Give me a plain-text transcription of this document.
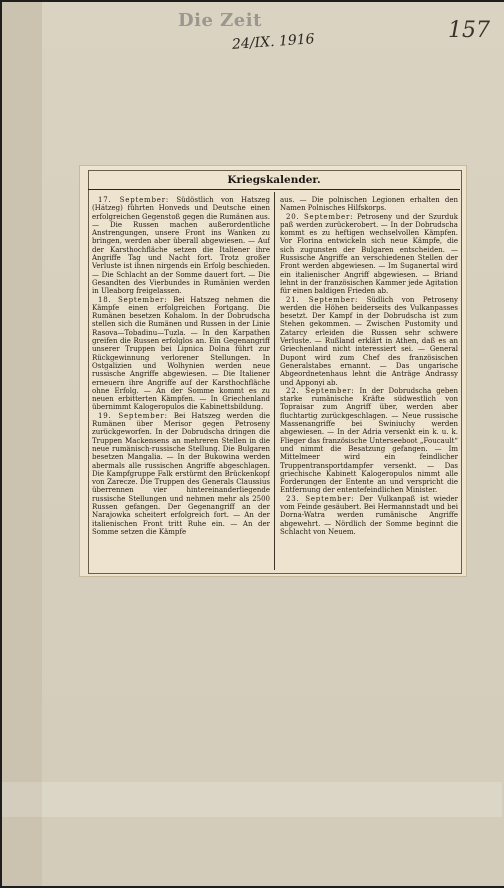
Die Zeit
24/IX. 1916	157
Kriegskalender.

17. September: Südöstlich von Hatszeg (Hátzeg) führten Honveds und Deutsche einen erfolgreichen Gegenstoß gegen die Rumänen aus. — Die Russen machen außerordentliche Anstrengungen, unsere Front ins Wanken zu bringen, werden aber überall abgewiesen. — Auf der Karsthochfläche setzen die Italiener ihre Angriffe Tag und Nacht fort. Trotz großer Verluste ist ihnen nirgends ein Erfolg beschieden. — Die Schlacht an der Somme dauert fort. — Die Gesandten des Vierbundes in Rumänien werden in Uleaborg freigelassen.

18. September: Bei Hatszeg nehmen die Kämpfe einen erfolgreichen Fortgang. Die Rumänen besetzen Kohalom. In der Dobrudscha stellen sich die Rumänen und Russen in der Linie Rasova—Tobadinu—Tuzla. — In den Karpathen greifen die Russen erfolglos an. Ein Gegenangriff unserer Truppen bei Lipnica Dolna führt zur Rückgewinnung verlorener Stellungen. In Ostgalizien und Wolhynien werden neue russische Angriffe abgewiesen. — Die Italiener erneuern ihre Angriffe auf der Karsthochfläche ohne Erfolg. — An der Somme kommt es zu neuen erbitterten Kämpfen. — In Griechenland übernimmt Kalogeropulos die Kabinettsbildung.

19. September: Bei Hatszeg werden die Rumänen über Merisor gegen Petroseny zurückgeworfen. In der Dobrudscha dringen die Truppen Mackensens an mehreren Stellen in die neue rumänisch-russische Stellung. Die Bulgaren besetzen Mangalia. — In der Bukowina werden abermals alle russischen Angriffe abgeschlagen. Die Kampfgruppe Falk erstürmt den Brückenkopf von Zarecze. Die Truppen des Generals Claussius überrennen vier hintereinanderliegende russische Stellungen und nehmen mehr als 2500 Russen gefangen. Der Gegenangriff an der Narajowka scheitert erfolgreich fort. — An der italienischen Front tritt Ruhe ein. — An der Somme setzen die Kämpfe

aus. — Die polnischen Legionen erhalten den Namen Polnisches Hilfskorps.

20. September: Petroseny und der Szurduk paß werden zurückerobert. — In der Dobrudscha kommt es zu heftigen wechselvollen Kämpfen. Vor Florina entwickeln sich neue Kämpfe, die sich zugunsten der Bulgaren entscheiden. — Russische Angriffe an verschiedenen Stellen der Front werden abgewiesen. — Im Suganertal wird ein italienischer Angriff abgewiesen. — Briand lehnt in der französischen Kammer jede Agitation für einen baldigen Frieden ab.

21. September: Südlich von Petroseny werden die Höhen beiderseits des Vulkanpasses besetzt. Der Kampf in der Dobrudscha ist zum Stehen gekommen. — Zwischen Pustomity und Zatarcy erleiden die Russen sehr schwere Verluste. — Rußland erklärt in Athen, daß es an Griechenland nicht interessiert sei. — General Dupont wird zum Chef des französischen Generalstabes ernannt. — Das ungarische Abgeordnetenhaus lehnt die Anträge Andrassy und Apponyi ab.

22. September: In der Dobrudscha geben starke rumänische Kräfte südwestlich von Topraisar zum Angriff über, werden aber fluchtartig zurückgeschlagen. — Neue russische Massenangriffe bei Swiniuchy werden abgewiesen. — In der Adria versenkt ein k. u. k. Flieger das französische Unterseeboot „Foucault“ und nimmt die Besatzung gefangen. — Im Mittelmeer wird ein feindlicher Truppentransportdampfer versenkt. — Das griechische Kabinett Kalogeropulos nimmt alle Forderungen der Entente an und verspricht die Entfernung der ententefeindlichen Minister.

23. September: Der Vulkanpaß ist wieder vom Feinde gesäubert. Bei Hermannstadt und bei Dorna-Watra werden rumänische Angriffe abgewehrt. — Nördlich der Somme beginnt die Schlacht von Neuem.
